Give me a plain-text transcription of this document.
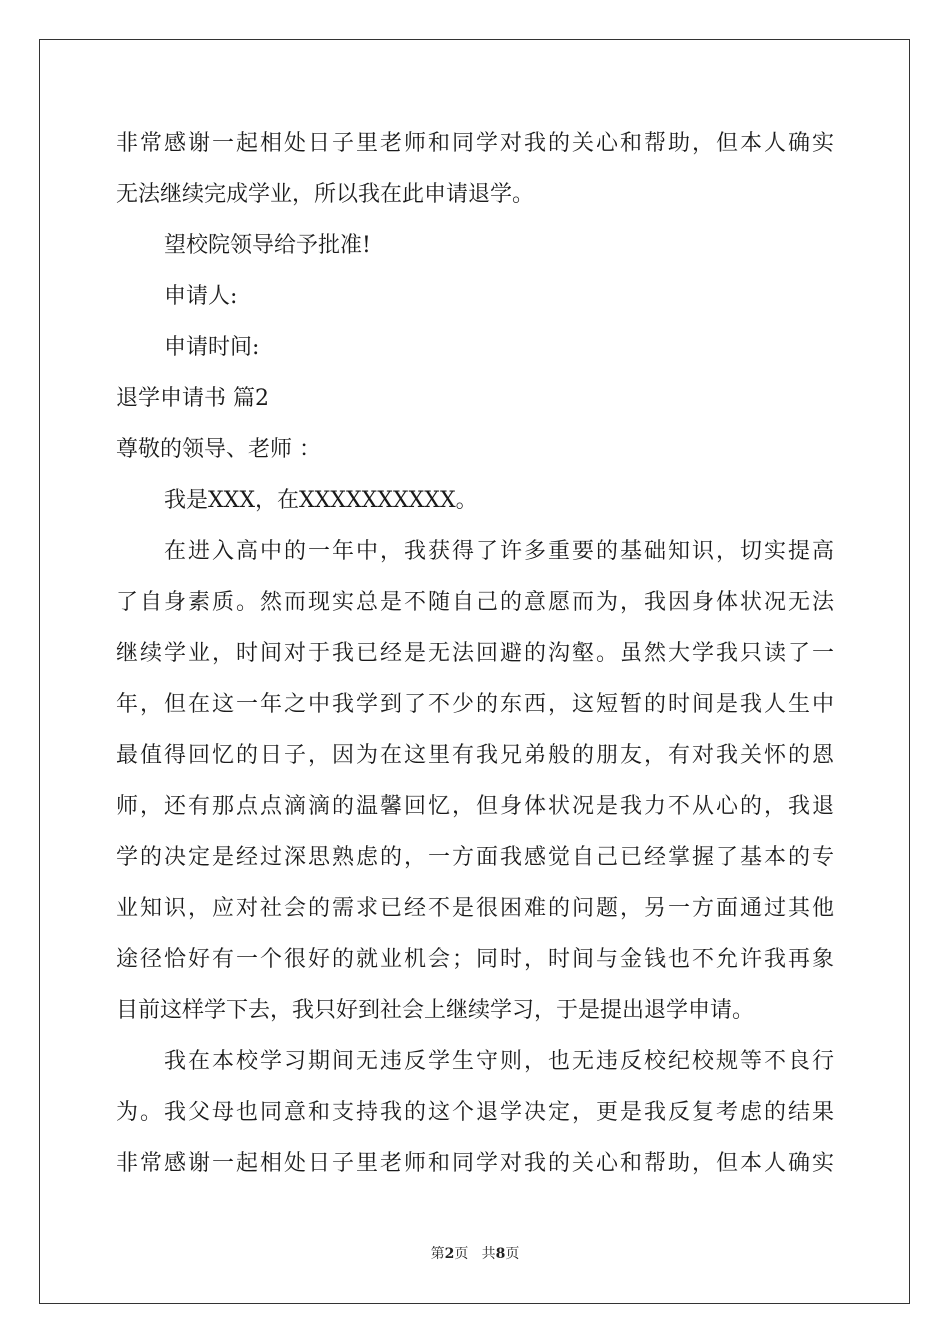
非常感谢一起相处日子里老师和同学对我的关心和帮助，但本人确实
无法继续完成学业，所以我在此申请退学。
望校院领导给予批准!
申请人:
申请时间:
退学申请书 篇2
尊敬的领导、老师 ：
我是XXX，在XXXXXXXXXX。
在进入高中的一年中，我获得了许多重要的基础知识，切实提高
了自身素质。然而现实总是不随自己的意愿而为，我因身体状况无法
继续学业，时间对于我已经是无法回避的沟壑。虽然大学我只读了一
年，但在这一年之中我学到了不少的东西，这短暂的时间是我人生中
最值得回忆的日子，因为在这里有我兄弟般的朋友，有对我关怀的恩
师，还有那点点滴滴的温馨回忆，但身体状况是我力不从心的，我退
学的决定是经过深思熟虑的，一方面我感觉自己已经掌握了基本的专
业知识，应对社会的需求已经不是很困难的问题，另一方面通过其他
途径恰好有一个很好的就业机会；同时，时间与金钱也不允许我再象
目前这样学下去，我只好到社会上继续学习，于是提出退学申请。
我在本校学习期间无违反学生守则，也无违反校纪校规等不良行
为。我父母也同意和支持我的这个退学决定，更是我反复考虑的结果
非常感谢一起相处日子里老师和同学对我的关心和帮助，但本人确实
第2页 共8页
